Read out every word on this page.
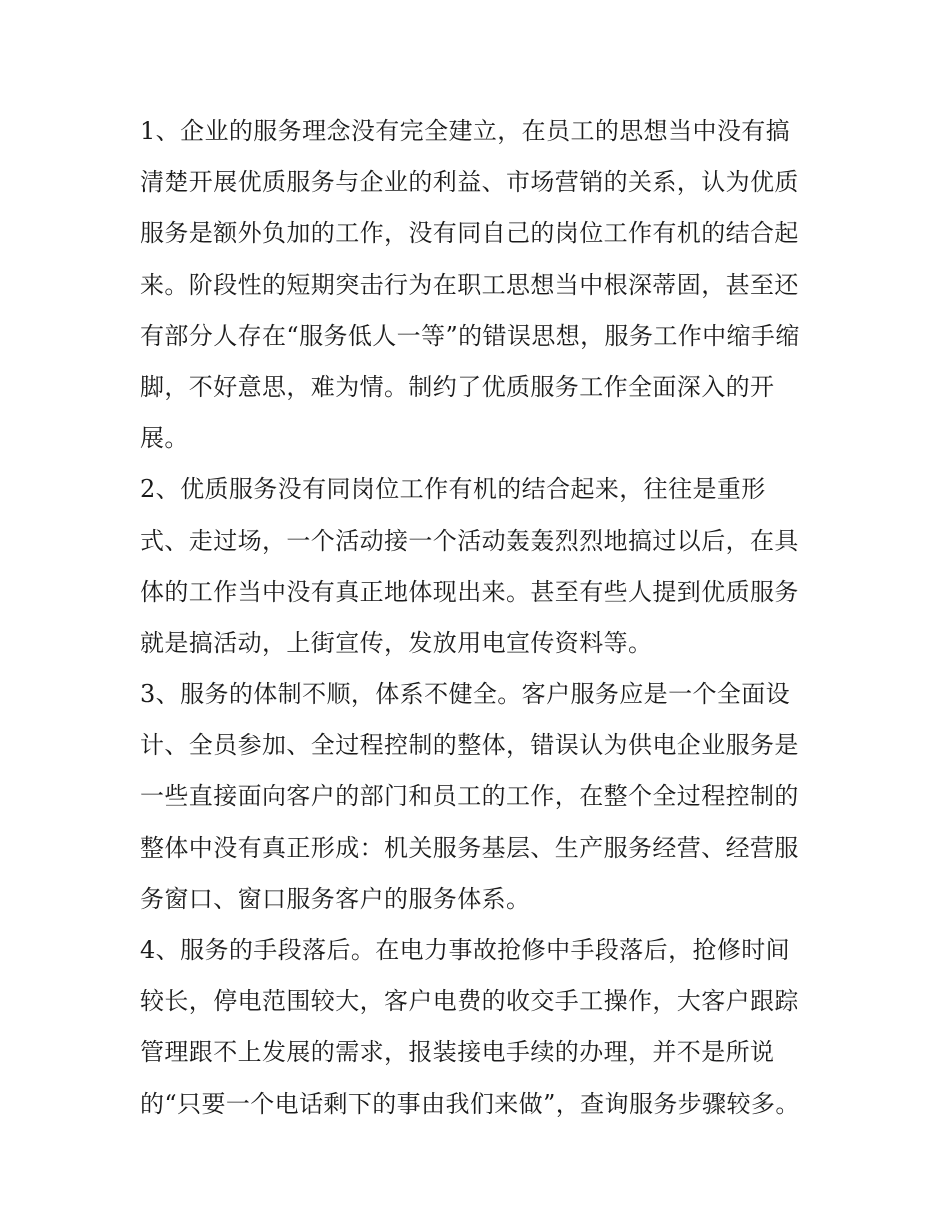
1、企业的服务理念没有完全建立，在员工的思想当中没有搞
清楚开展优质服务与企业的利益、市场营销的关系，认为优质
服务是额外负加的工作，没有同自己的岗位工作有机的结合起
来。阶段性的短期突击行为在职工思想当中根深蒂固，甚至还
有部分人存在“服务低人一等”的错误思想，服务工作中缩手缩
脚，不好意思，难为情。制约了优质服务工作全面深入的开
展。
2、优质服务没有同岗位工作有机的结合起来，往往是重形
式、走过场，一个活动接一个活动轰轰烈烈地搞过以后，在具
体的工作当中没有真正地体现出来。甚至有些人提到优质服务
就是搞活动，上街宣传，发放用电宣传资料等。
3、服务的体制不顺，体系不健全。客户服务应是一个全面设
计、全员参加、全过程控制的整体，错误认为供电企业服务是
一些直接面向客户的部门和员工的工作，在整个全过程控制的
整体中没有真正形成：机关服务基层、生产服务经营、经营服
务窗口、窗口服务客户的服务体系。
4、服务的手段落后。在电力事故抢修中手段落后，抢修时间
较长，停电范围较大，客户电费的收交手工操作，大客户跟踪
管理跟不上发展的需求，报装接电手续的办理，并不是所说
的“只要一个电话剩下的事由我们来做”，查询服务步骤较多。
